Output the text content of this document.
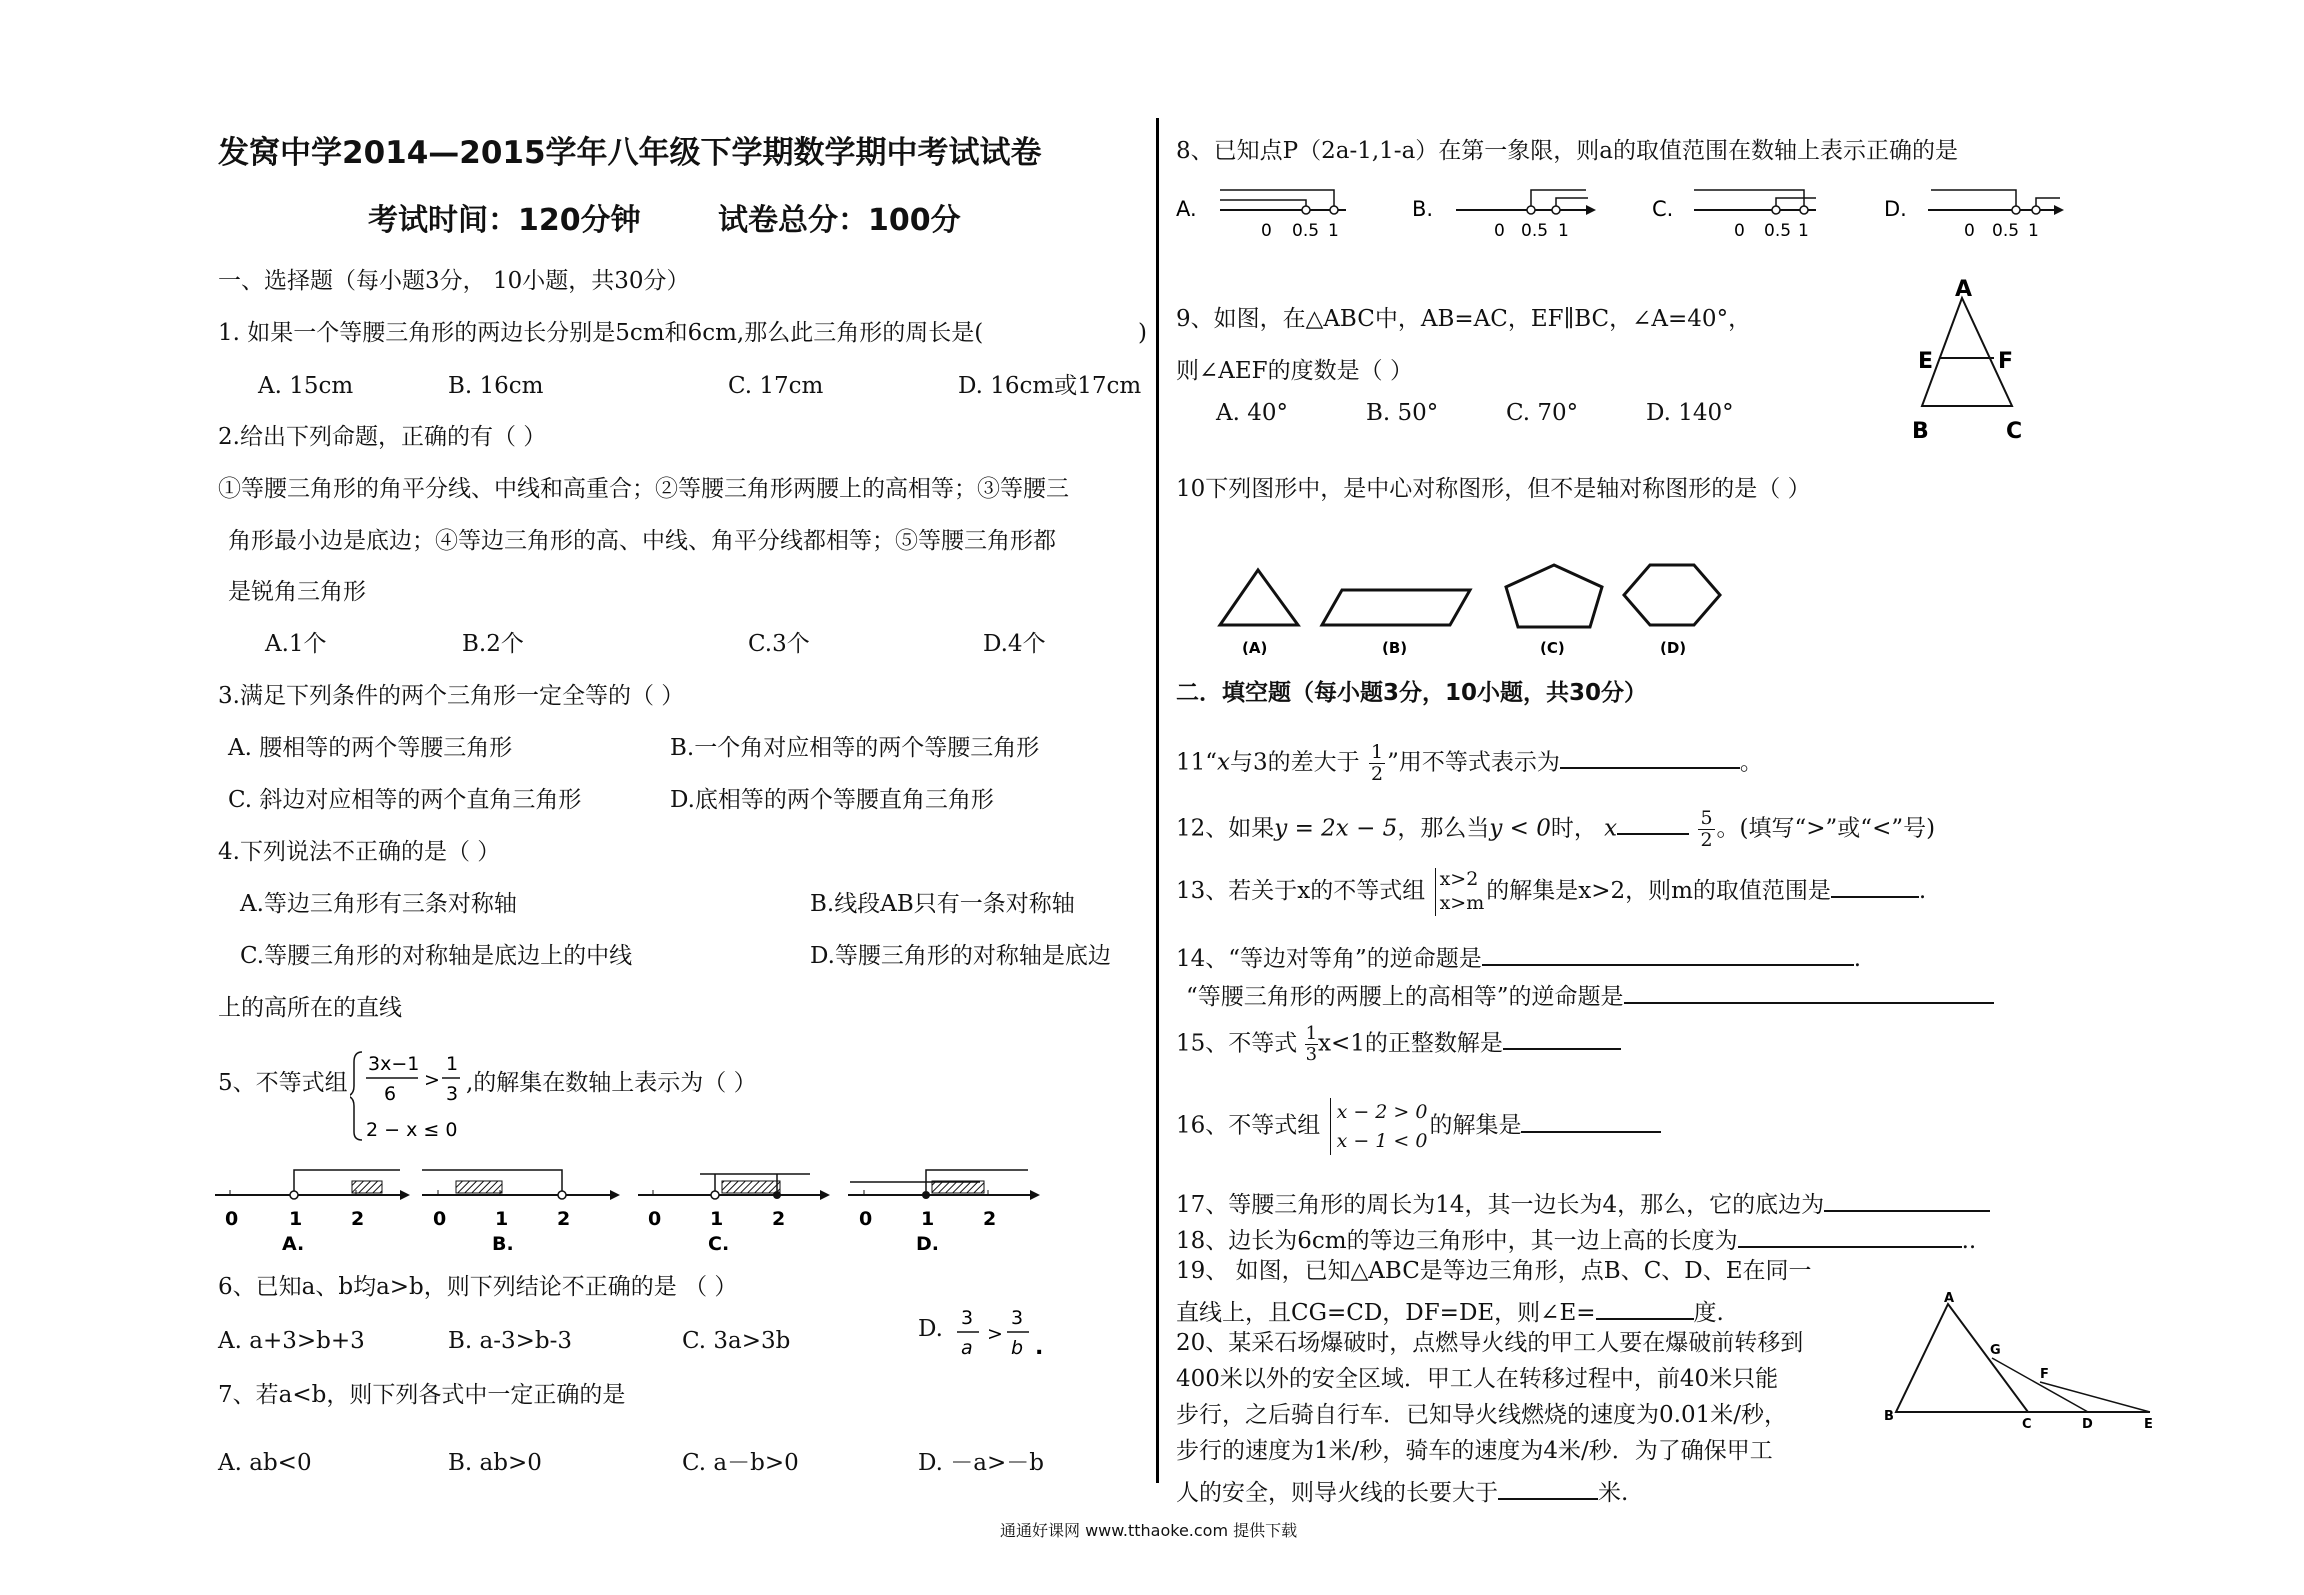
发窝中学2014—2015学年八年级下学期数学期中考试试卷
考试时间：120分钟	试卷总分：100分
一、选择题（每小题3分， 10小题，共30分）
1. 如果一个等腰三角形的两边长分别是5cm和6cm,那么此三角形的周长是(	)
A. 15cm	B. 16cm	C. 17cm	D. 16cm或17cm
2.给出下列命题，正确的有（ ）
①等腰三角形的角平分线、中线和高重合；②等腰三角形两腰上的高相等；③等腰三
角形最小边是底边；④等边三角形的高、中线、角平分线都相等；⑤等腰三角形都
是锐角三角形
A.1个	B.2个	C.3个	D.4个
3.满足下列条件的两个三角形一定全等的（ ）
A. 腰相等的两个等腰三角形	B.一个角对应相等的两个等腰三角形
C. 斜边对应相等的两个直角三角形	D.底相等的两个等腰直角三角形
4.下列说法不正确的是（ ）
A.等边三角形有三条对称轴	B.线段AB只有一条对称轴
C.等腰三角形的对称轴是底边上的中线	D.等腰三角形的对称轴是底边
上的高所在的直线
5、不等式组
3x−1
6
>
1
3
2 − x ≤ 0
,的解集在数轴上表示为（ ）
0	1	2
A.
0	1	2
B.
0	1	2
C.
0	1	2
D.
6、已知a、b均a>b，则下列结论不正确的是 （ ）
A. a+3>b+3	B. a-3>b-3	C. 3a>3b	D. 3
a
>
3
b .
7、若a<b，则下列各式中一定正确的是
A. ab<0	B. ab>0	C. a－b>0	D. －a>－b
8、已知点P（2a-1,1-a）在第一象限，则a的取值范围在数轴上表示正确的是
A.
0 0.5 1
B.
0 0.5 1
C.
0 0.5 1
D.
0 0.5 1
9、如图，在△ABC中，AB=AC，EF∥BC，∠A=40°，
则∠AEF的度数是（ ）
A. 40°	B. 50°	C. 70°	D. 140°
A
E	F
B	C
10下列图形中，是中心对称图形，但不是轴对称图形的是（ ）
(A)	(B)	(C)	(D)
二．填空题（每小题3分，10小题，共30分）
11“x与3的差大于 $\frac{1}{2}$ ”用不等式表示为	。
12、如果y = 2x − 5，那么当y < 0时， x	$\frac{5}{2}$ 。(填写“>”或“<”号)
13、若关于x的不等式组 x>2
x>m 的解集是x>2，则m的取值范围是	.
14、“等边对等角”的逆命题是	.
“等腰三角形的两腰上的高相等”的逆命题是
15、不等式 $\frac{1}{3} x<1$的正整数解是
16、不等式组
x − 2 > 0
x − 1 < 0
的解集是
17、等腰三角形的周长为14，其一边长为4，那么，它的底边为
18、边长为6cm的等边三角形中，其一边上高的长度为	..
19、 如图，已知△ABC是等边三角形，点B、C、D、E在同一
直线上，且CG=CD，DF=DE，则∠E=	度.
20、某采石场爆破时，点燃导火线的甲工人要在爆破前转移到
400米以外的安全区域．甲工人在转移过程中，前40米只能
步行，之后骑自行车．已知导火线燃烧的速度为0.01米/秒，
步行的速度为1米/秒，骑车的速度为4米/秒．为了确保甲工
人的安全，则导火线的长要大于	米.
A
G
F
B
C	D	E
通通好课网 www.tthaoke.com 提供下载
